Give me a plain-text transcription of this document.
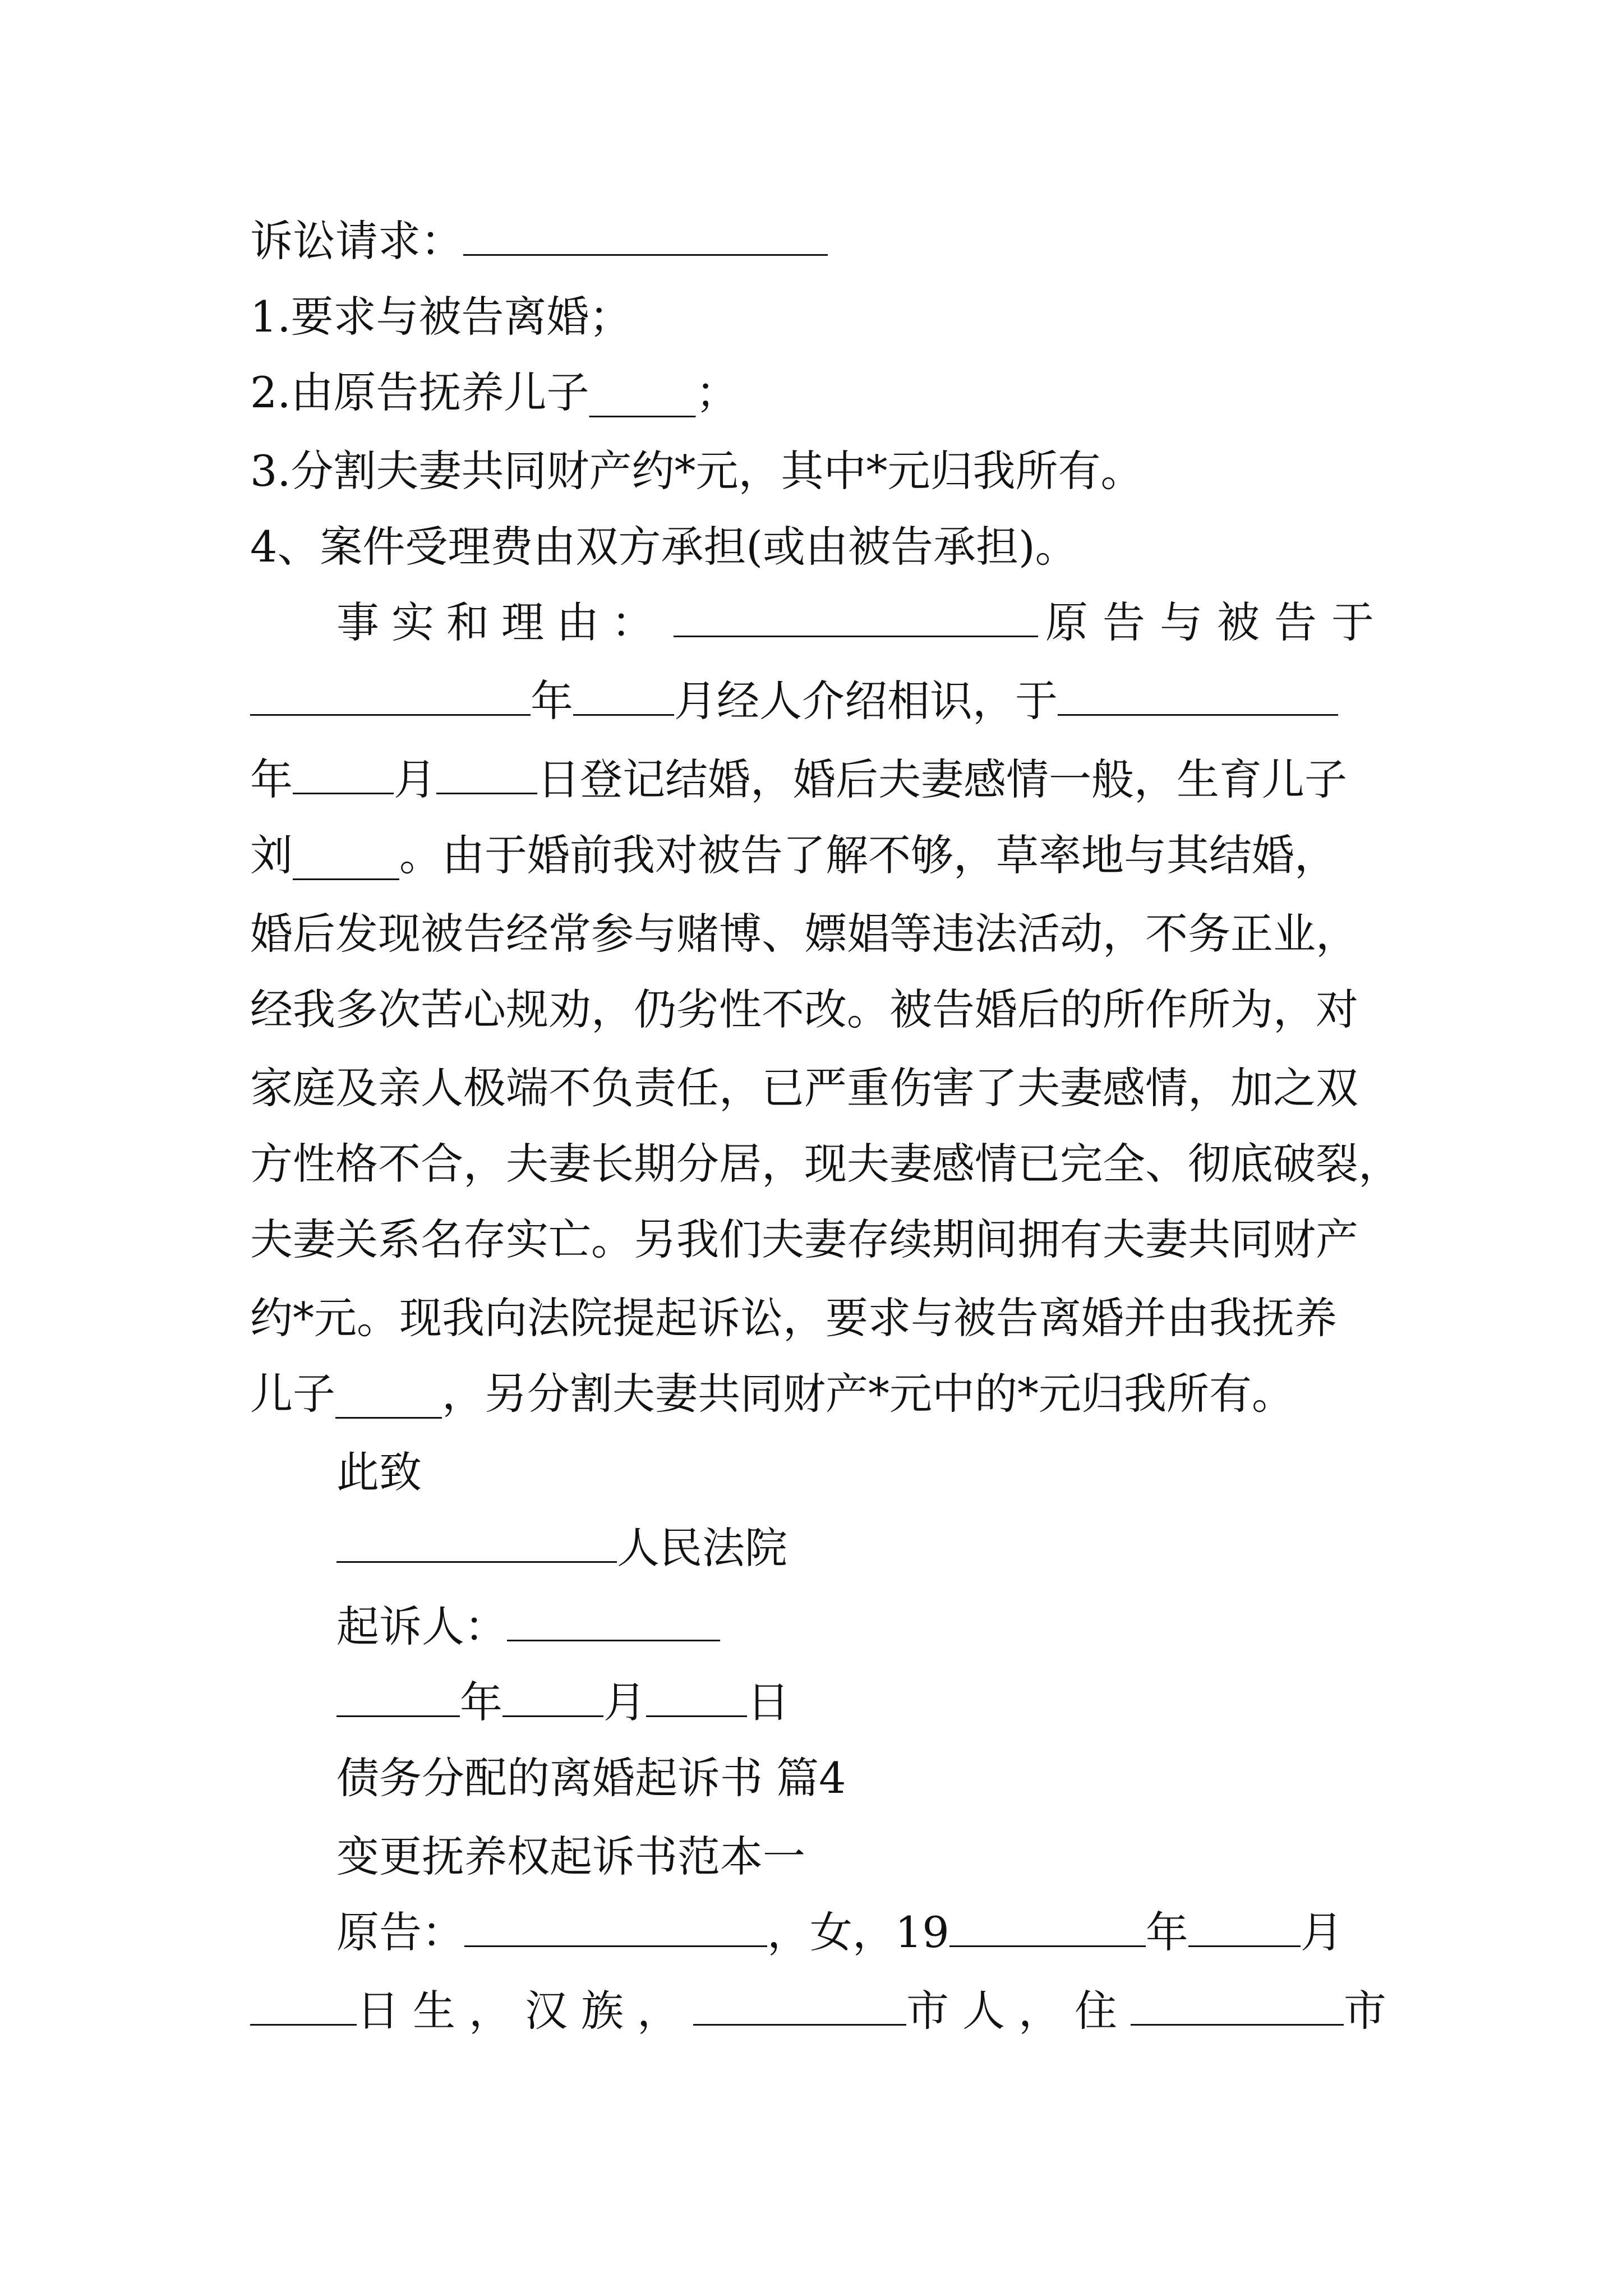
诉讼请求：
1.要求与被告离婚；
2.由原告抚养儿子_____；
3.分割夫妻共同财产约*元，其中*元归我所有。
4、案件受理费由双方承担(或由被告承担)。
事实和理由：	原告与被告于
年 月经人介绍相识，于
年 月 日登记结婚，婚后夫妻感情一般，生育儿子
刘_____。由于婚前我对被告了解不够，草率地与其结婚，
婚后发现被告经常参与赌博、嫖娼等违法活动，不务正业，
经我多次苦心规劝，仍劣性不改。被告婚后的所作所为，对
家庭及亲人极端不负责任，已严重伤害了夫妻感情，加之双
方性格不合，夫妻长期分居，现夫妻感情已完全、彻底破裂，
夫妻关系名存实亡。另我们夫妻存续期间拥有夫妻共同财产
约*元。现我向法院提起诉讼，要求与被告离婚并由我抚养
儿子_____，另分割夫妻共同财产*元中的*元归我所有。
此致
人民法院
起诉人：
年 月 日
债务分配的离婚起诉书 篇4
变更抚养权起诉书范本一
原告：	，女，19	年	月
日生，汉族，	市人，住	市
